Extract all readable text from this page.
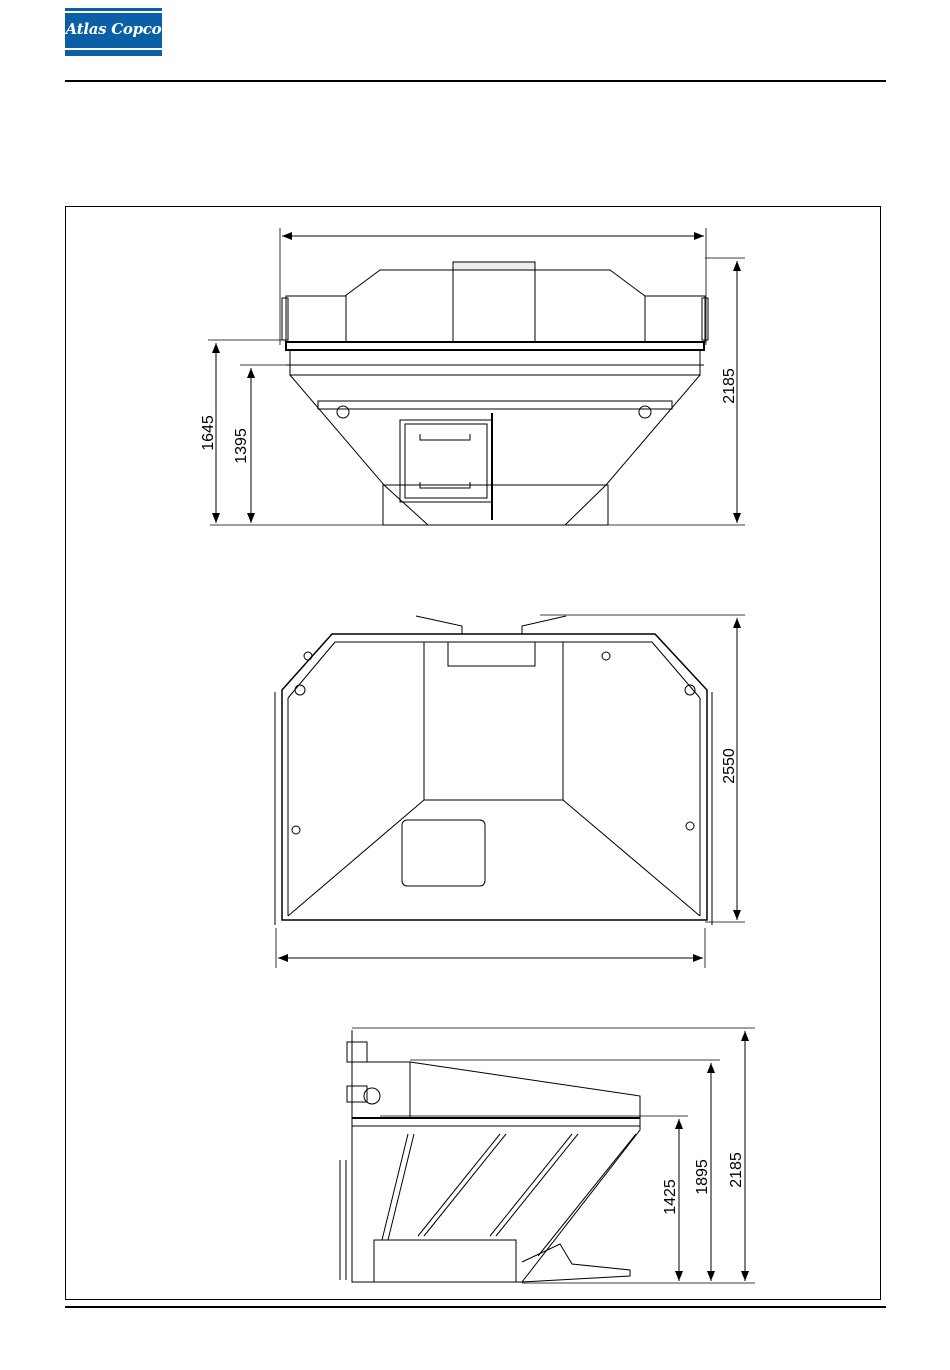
Atlas Copco
1645 1395
2185
2550
1425
1895 2185
